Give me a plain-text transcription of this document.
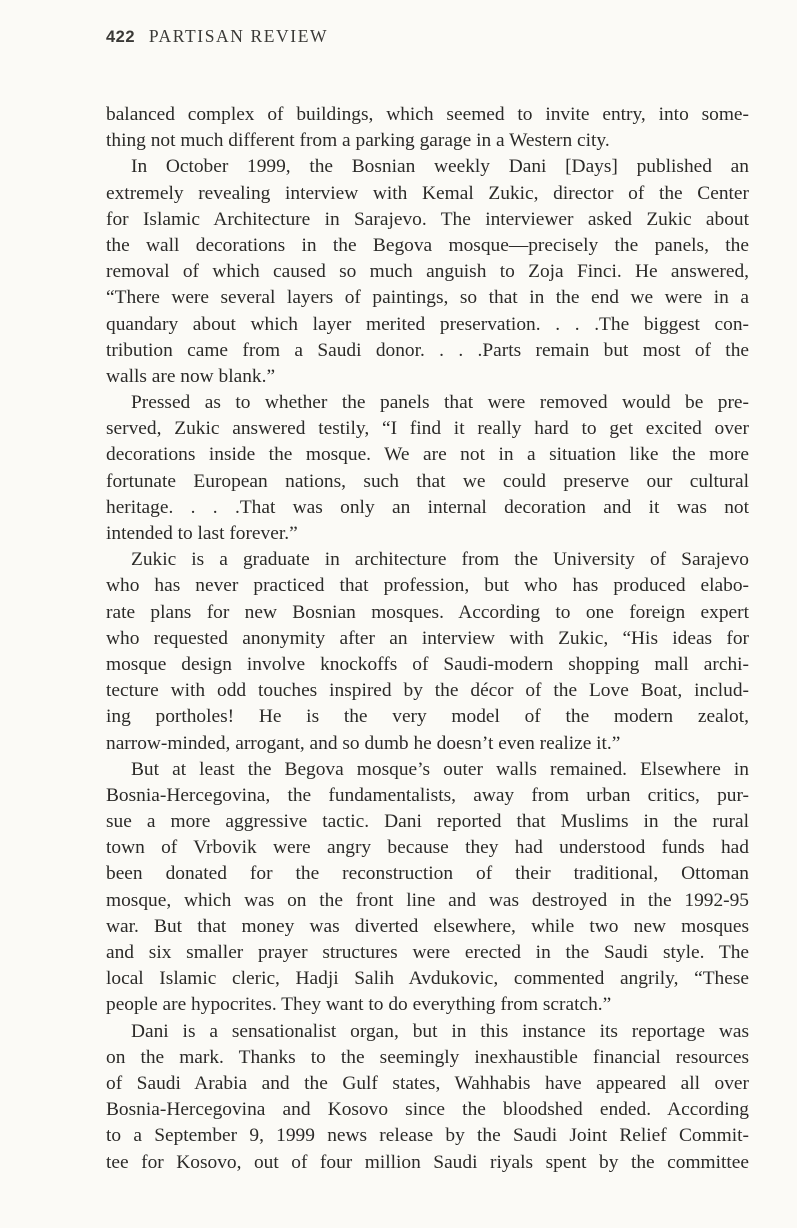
422 PARTISAN REVIEW
balanced complex of buildings, which seemed to invite entry, into some-
thing not much different from a parking garage in a Western city.
In October 1999, the Bosnian weekly Dani [Days] published an
extremely revealing interview with Kemal Zukic, director of the Center
for Islamic Architecture in Sarajevo. The interviewer asked Zukic about
the wall decorations in the Begova mosque—precisely the panels, the
removal of which caused so much anguish to Zoja Finci. He answered,
“There were several layers of paintings, so that in the end we were in a
quandary about which layer merited preservation. . . .The biggest con-
tribution came from a Saudi donor. . . .Parts remain but most of the
walls are now blank.”
Pressed as to whether the panels that were removed would be pre-
served, Zukic answered testily, “I find it really hard to get excited over
decorations inside the mosque. We are not in a situation like the more
fortunate European nations, such that we could preserve our cultural
heritage. . . .That was only an internal decoration and it was not
intended to last forever.”
Zukic is a graduate in architecture from the University of Sarajevo
who has never practiced that profession, but who has produced elabo-
rate plans for new Bosnian mosques. According to one foreign expert
who requested anonymity after an interview with Zukic, “His ideas for
mosque design involve knockoffs of Saudi-modern shopping mall archi-
tecture with odd touches inspired by the décor of the Love Boat, includ-
ing portholes! He is the very model of the modern zealot,
narrow-minded, arrogant, and so dumb he doesn’t even realize it.”
But at least the Begova mosque’s outer walls remained. Elsewhere in
Bosnia-Hercegovina, the fundamentalists, away from urban critics, pur-
sue a more aggressive tactic. Dani reported that Muslims in the rural
town of Vrbovik were angry because they had understood funds had
been donated for the reconstruction of their traditional, Ottoman
mosque, which was on the front line and was destroyed in the 1992-95
war. But that money was diverted elsewhere, while two new mosques
and six smaller prayer structures were erected in the Saudi style. The
local Islamic cleric, Hadji Salih Avdukovic, commented angrily, “These
people are hypocrites. They want to do everything from scratch.”
Dani is a sensationalist organ, but in this instance its reportage was
on the mark. Thanks to the seemingly inexhaustible financial resources
of Saudi Arabia and the Gulf states, Wahhabis have appeared all over
Bosnia-Hercegovina and Kosovo since the bloodshed ended. According
to a September 9, 1999 news release by the Saudi Joint Relief Commit-
tee for Kosovo, out of four million Saudi riyals spent by the committee
